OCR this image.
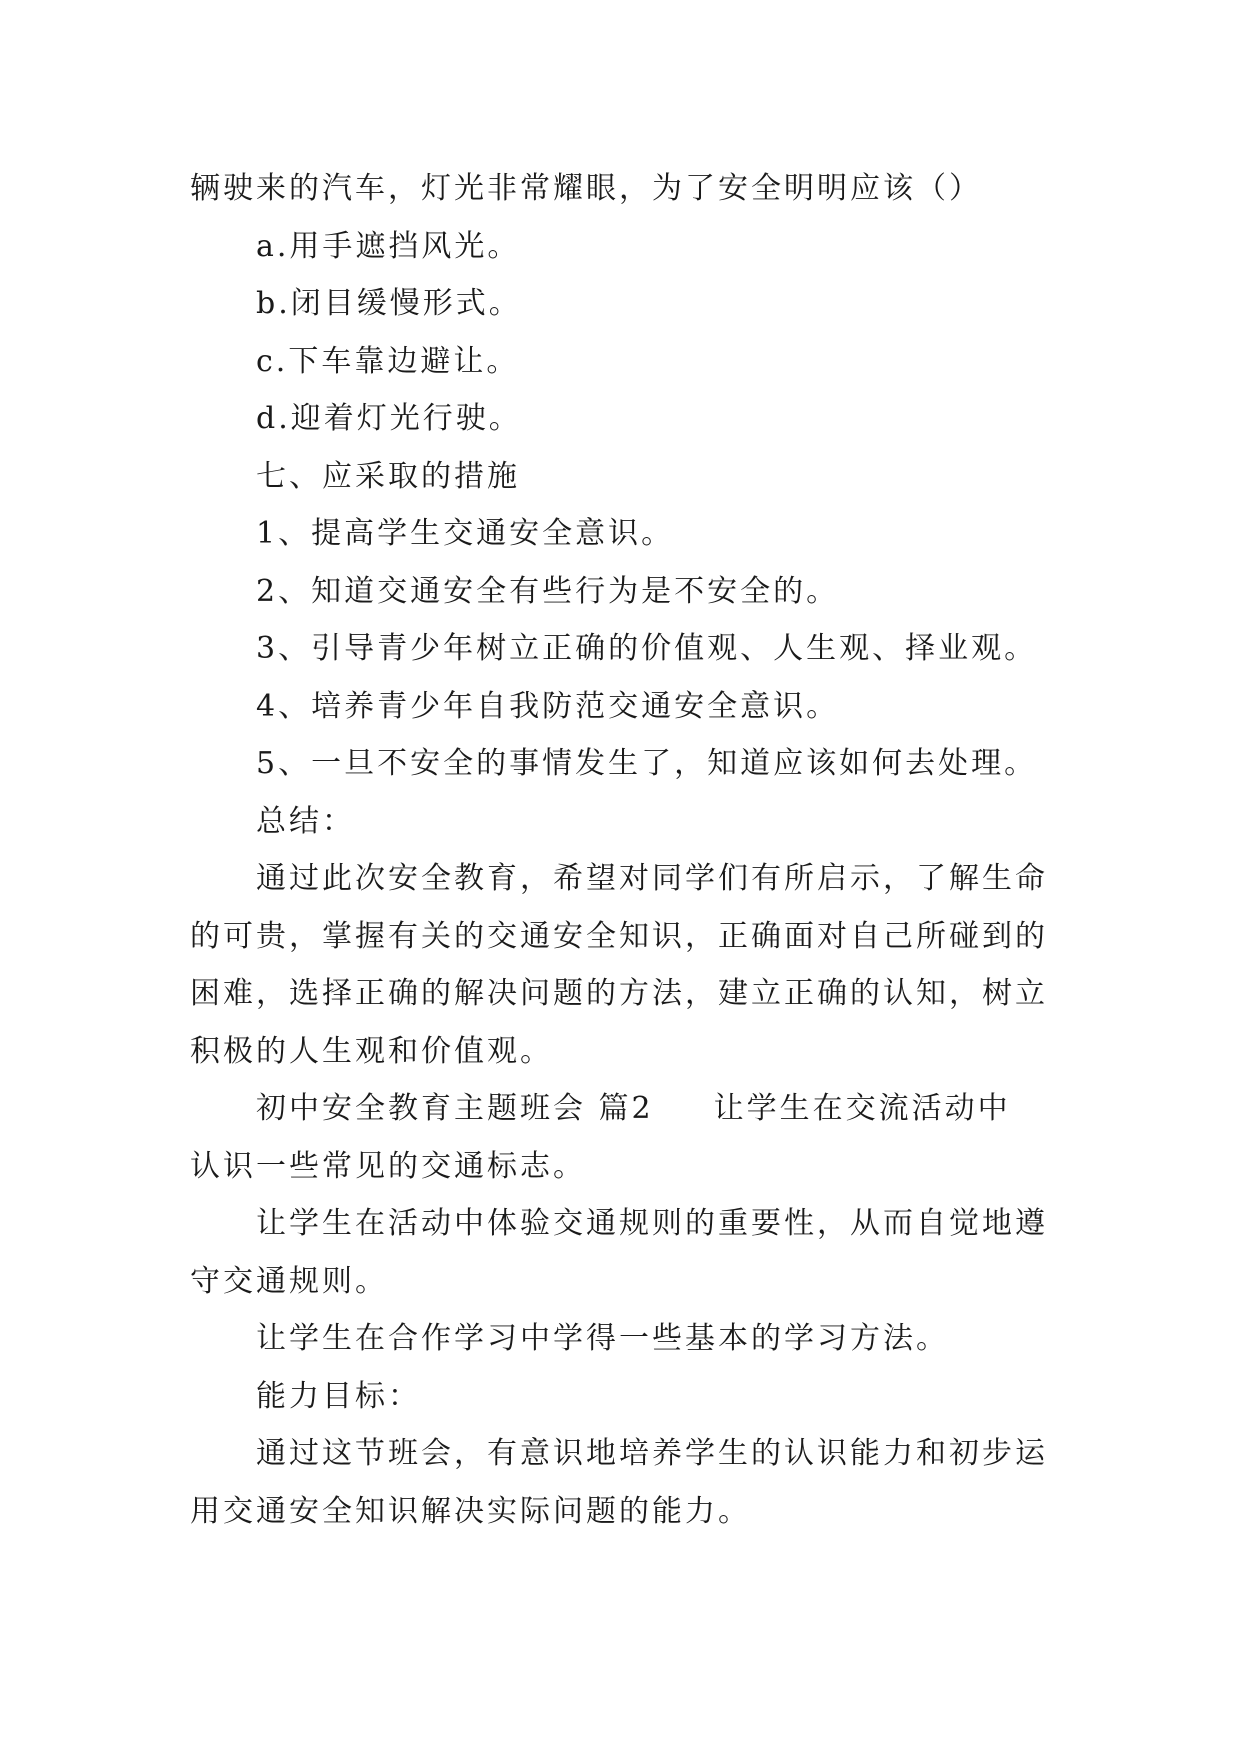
辆驶来的汽车，灯光非常耀眼，为了安全明明应该（）
a.用手遮挡风光。
b.闭目缓慢形式。
c.下车靠边避让。
d.迎着灯光行驶。
七、应采取的措施
1、提高学生交通安全意识。
2、知道交通安全有些行为是不安全的。
3、引导青少年树立正确的价值观、人生观、择业观。
4、培养青少年自我防范交通安全意识。
5、一旦不安全的事情发生了，知道应该如何去处理。
总结：
通过此次安全教育，希望对同学们有所启示，了解生命
的可贵，掌握有关的交通安全知识，正确面对自己所碰到的
困难，选择正确的解决问题的方法，建立正确的认知，树立
积极的人生观和价值观。
初中安全教育主题班会 篇2 让学生在交流活动中
认识一些常见的交通标志。
让学生在活动中体验交通规则的重要性，从而自觉地遵
守交通规则。
让学生在合作学习中学得一些基本的学习方法。
能力目标：
通过这节班会，有意识地培养学生的认识能力和初步运
用交通安全知识解决实际问题的能力。
